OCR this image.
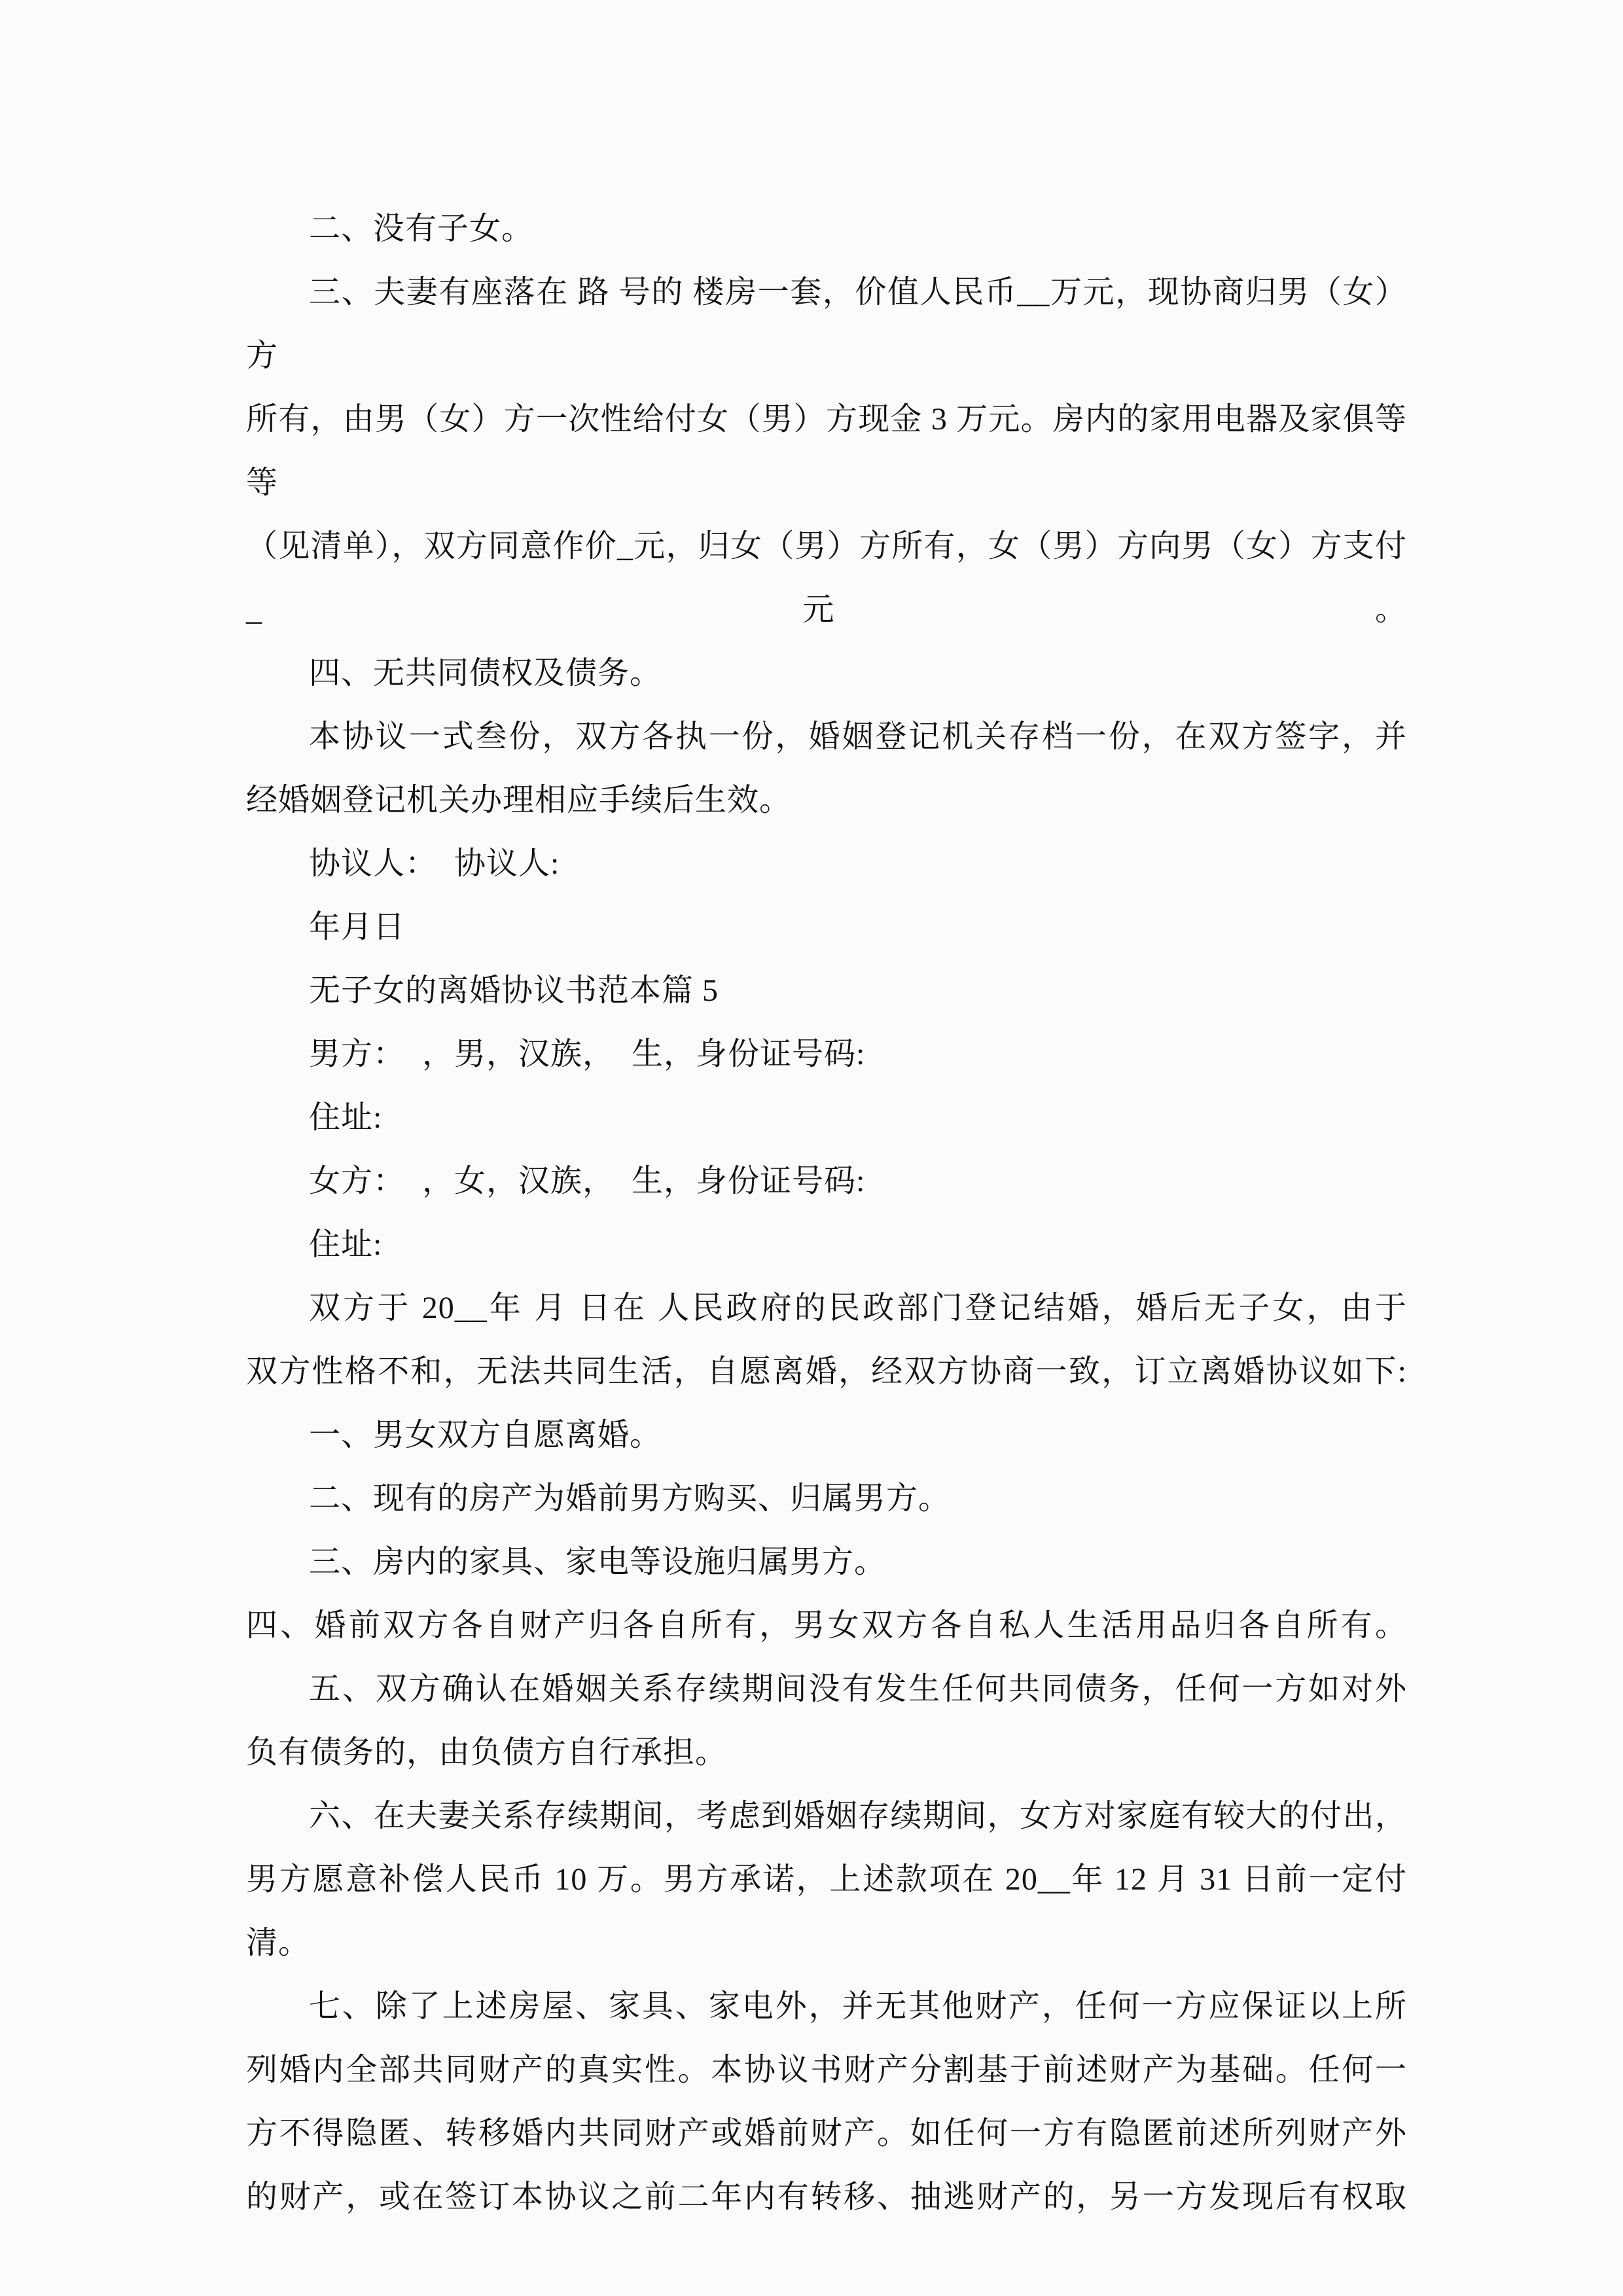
二、没有子女。

三、夫妻有座落在 路 号的 楼房一套，价值人民币__万元，现协商归男（女）方

所有，由男（女）方一次性给付女（男）方现金 3 万元。房内的家用电器及家俱等等

（见清单），双方同意作价_元，归女（男）方所有，女（男）方向男（女）方支付_元。

四、无共同债权及债务。

本协议一式叁份，双方各执一份，婚姻登记机关存档一份，在双方签字，并

经婚姻登记机关办理相应手续后生效。

协议人：  协议人:

年月日

无子女的离婚协议书范本篇 5

男方：  ，男，汉族，  生，身份证号码:

住址:

女方：  ，女，汉族，  生，身份证号码:

住址:

双方于 20__年 月 日在 人民政府的民政部门登记结婚，婚后无子女，由于

双方性格不和，无法共同生活，自愿离婚，经双方协商一致，订立离婚协议如下:

一、男女双方自愿离婚。

二、现有的房产为婚前男方购买、归属男方。

三、房内的家具、家电等设施归属男方。

四、婚前双方各自财产归各自所有，男女双方各自私人生活用品归各自所有。

五、双方确认在婚姻关系存续期间没有发生任何共同债务，任何一方如对外

负有债务的，由负债方自行承担。

六、在夫妻关系存续期间，考虑到婚姻存续期间，女方对家庭有较大的付出，

男方愿意补偿人民币 10 万。男方承诺，上述款项在 20__年 12 月 31 日前一定付

清。

七、除了上述房屋、家具、家电外，并无其他财产，任何一方应保证以上所

列婚内全部共同财产的真实性。本协议书财产分割基于前述财产为基础。任何一

方不得隐匿、转移婚内共同财产或婚前财产。如任何一方有隐匿前述所列财产外

的财产，或在签订本协议之前二年内有转移、抽逃财产的，另一方发现后有权取
